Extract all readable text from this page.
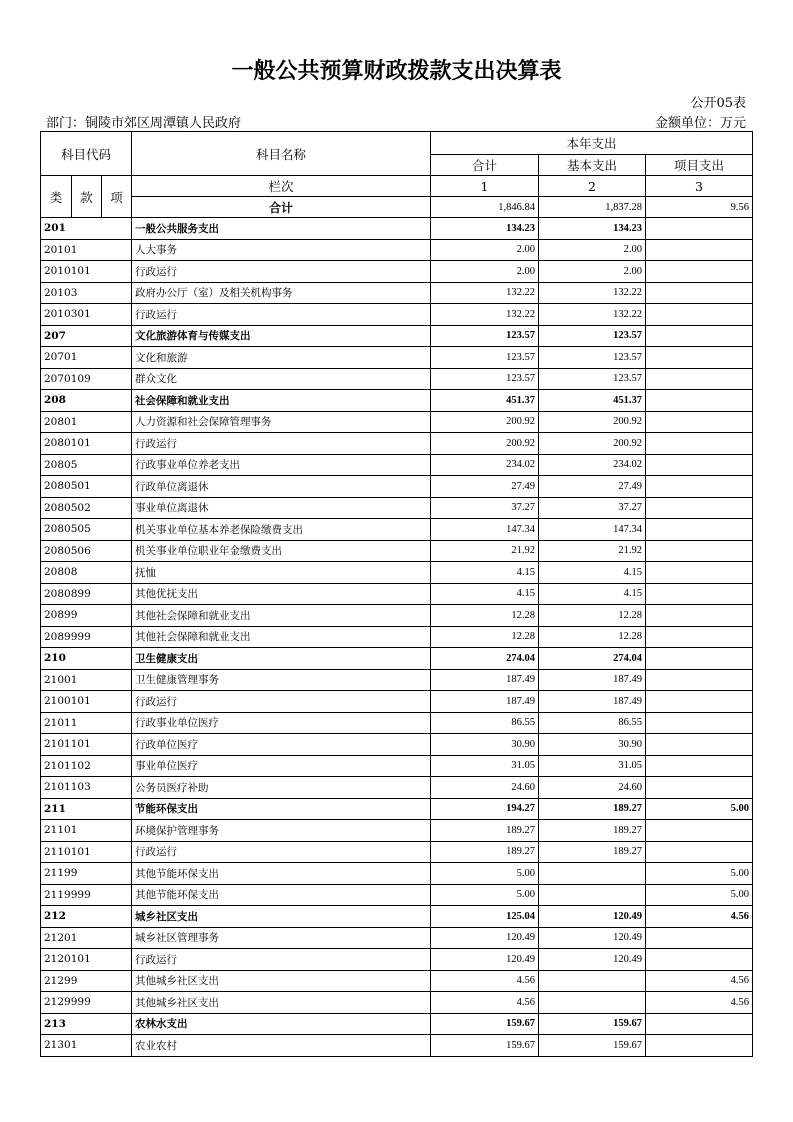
一般公共预算财政拨款支出决算表
公开05表
部门：铜陵市郊区周潭镇人民政府	金额单位：万元
科目代码			科目名称	本年支出		
				合计	基本支出	项目支出
类	款	项	栏次	1	2	3
			合计	1,846.84	1,837.28	9.56
201			一般公共服务支出	134.23	134.23	
20101			人大事务	2.00	2.00	
2010101			行政运行	2.00	2.00	
20103			政府办公厅（室）及相关机构事务	132.22	132.22	
2010301			行政运行	132.22	132.22	
207			文化旅游体育与传媒支出	123.57	123.57	
20701			文化和旅游	123.57	123.57	
2070109			群众文化	123.57	123.57	
208			社会保障和就业支出	451.37	451.37	
20801			人力资源和社会保障管理事务	200.92	200.92	
2080101			行政运行	200.92	200.92	
20805			行政事业单位养老支出	234.02	234.02	
2080501			行政单位离退休	27.49	27.49	
2080502			事业单位离退休	37.27	37.27	
2080505			机关事业单位基本养老保险缴费支出	147.34	147.34	
2080506			机关事业单位职业年金缴费支出	21.92	21.92	
20808			抚恤	4.15	4.15	
2080899			其他优抚支出	4.15	4.15	
20899			其他社会保障和就业支出	12.28	12.28	
2089999			其他社会保障和就业支出	12.28	12.28	
210			卫生健康支出	274.04	274.04	
21001			卫生健康管理事务	187.49	187.49	
2100101			行政运行	187.49	187.49	
21011			行政事业单位医疗	86.55	86.55	
2101101			行政单位医疗	30.90	30.90	
2101102			事业单位医疗	31.05	31.05	
2101103			公务员医疗补助	24.60	24.60	
211			节能环保支出	194.27	189.27	5.00
21101			环境保护管理事务	189.27	189.27	
2110101			行政运行	189.27	189.27	
21199			其他节能环保支出	5.00		5.00
2119999			其他节能环保支出	5.00		5.00
212			城乡社区支出	125.04	120.49	4.56
21201			城乡社区管理事务	120.49	120.49	
2120101			行政运行	120.49	120.49	
21299			其他城乡社区支出	4.56		4.56
2129999			其他城乡社区支出	4.56		4.56
213			农林水支出	159.67	159.67	
21301			农业农村	159.67	159.67	
